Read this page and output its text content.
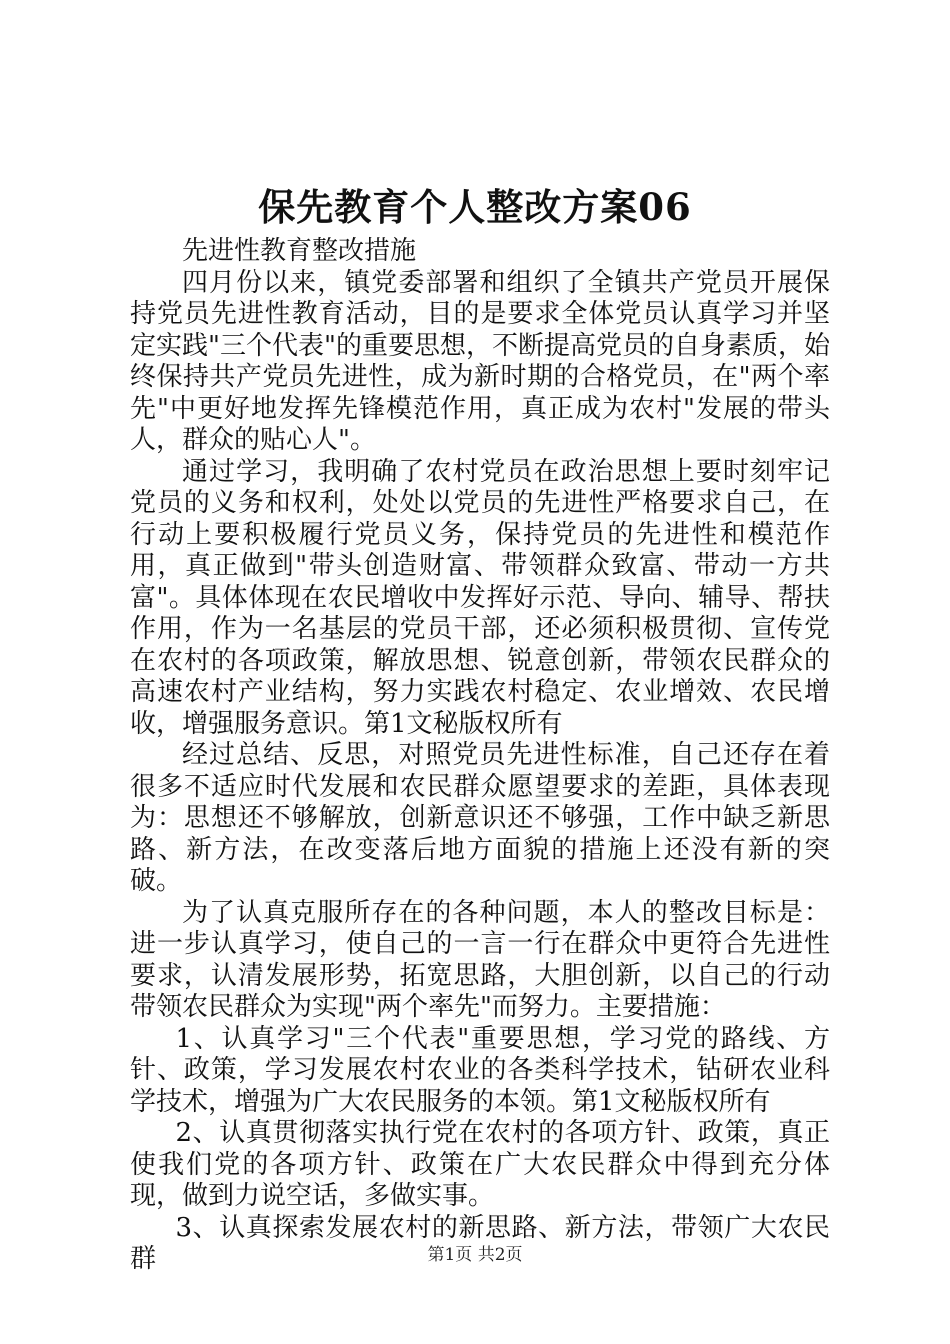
保先教育个人整改方案06

先进性教育整改措施

四月份以来，镇党委部署和组织了全镇共产党员开展保持党员先进性教育活动，目的是要求全体党员认真学习并坚定实践"三个代表"的重要思想，不断提高党员的自身素质，始终保持共产党员先进性，成为新时期的合格党员，在"两个率先"中更好地发挥先锋模范作用，真正成为农村"发展的带头人，群众的贴心人"。

通过学习，我明确了农村党员在政治思想上要时刻牢记党员的义务和权利，处处以党员的先进性严格要求自己，在行动上要积极履行党员义务，保持党员的先进性和模范作用，真正做到"带头创造财富、带领群众致富、带动一方共富"。具体体现在农民增收中发挥好示范、导向、辅导、帮扶作用，作为一名基层的党员干部，还必须积极贯彻、宣传党在农村的各项政策，解放思想、锐意创新，带领农民群众的高速农村产业结构，努力实践农村稳定、农业增效、农民增收，增强服务意识。第1文秘版权所有

经过总结、反思，对照党员先进性标准，自己还存在着很多不适应时代发展和农民群众愿望要求的差距，具体表现为：思想还不够解放，创新意识还不够强，工作中缺乏新思路、新方法，在改变落后地方面貌的措施上还没有新的突破。

为了认真克服所存在的各种问题，本人的整改目标是：进一步认真学习，使自己的一言一行在群众中更符合先进性要求，认清发展形势，拓宽思路，大胆创新，以自己的行动带领农民群众为实现"两个率先"而努力。主要措施：

1、认真学习"三个代表"重要思想，学习党的路线、方针、政策，学习发展农村农业的各类科学技术，钻研农业科学技术，增强为广大农民服务的本领。第1文秘版权所有

2、认真贯彻落实执行党在农村的各项方针、政策，真正使我们党的各项方针、政策在广大农民群众中得到充分体现，做到力说空话，多做实事。

3、认真探索发展农村的新思路、新方法，带领广大农民群	第1页 共2页
